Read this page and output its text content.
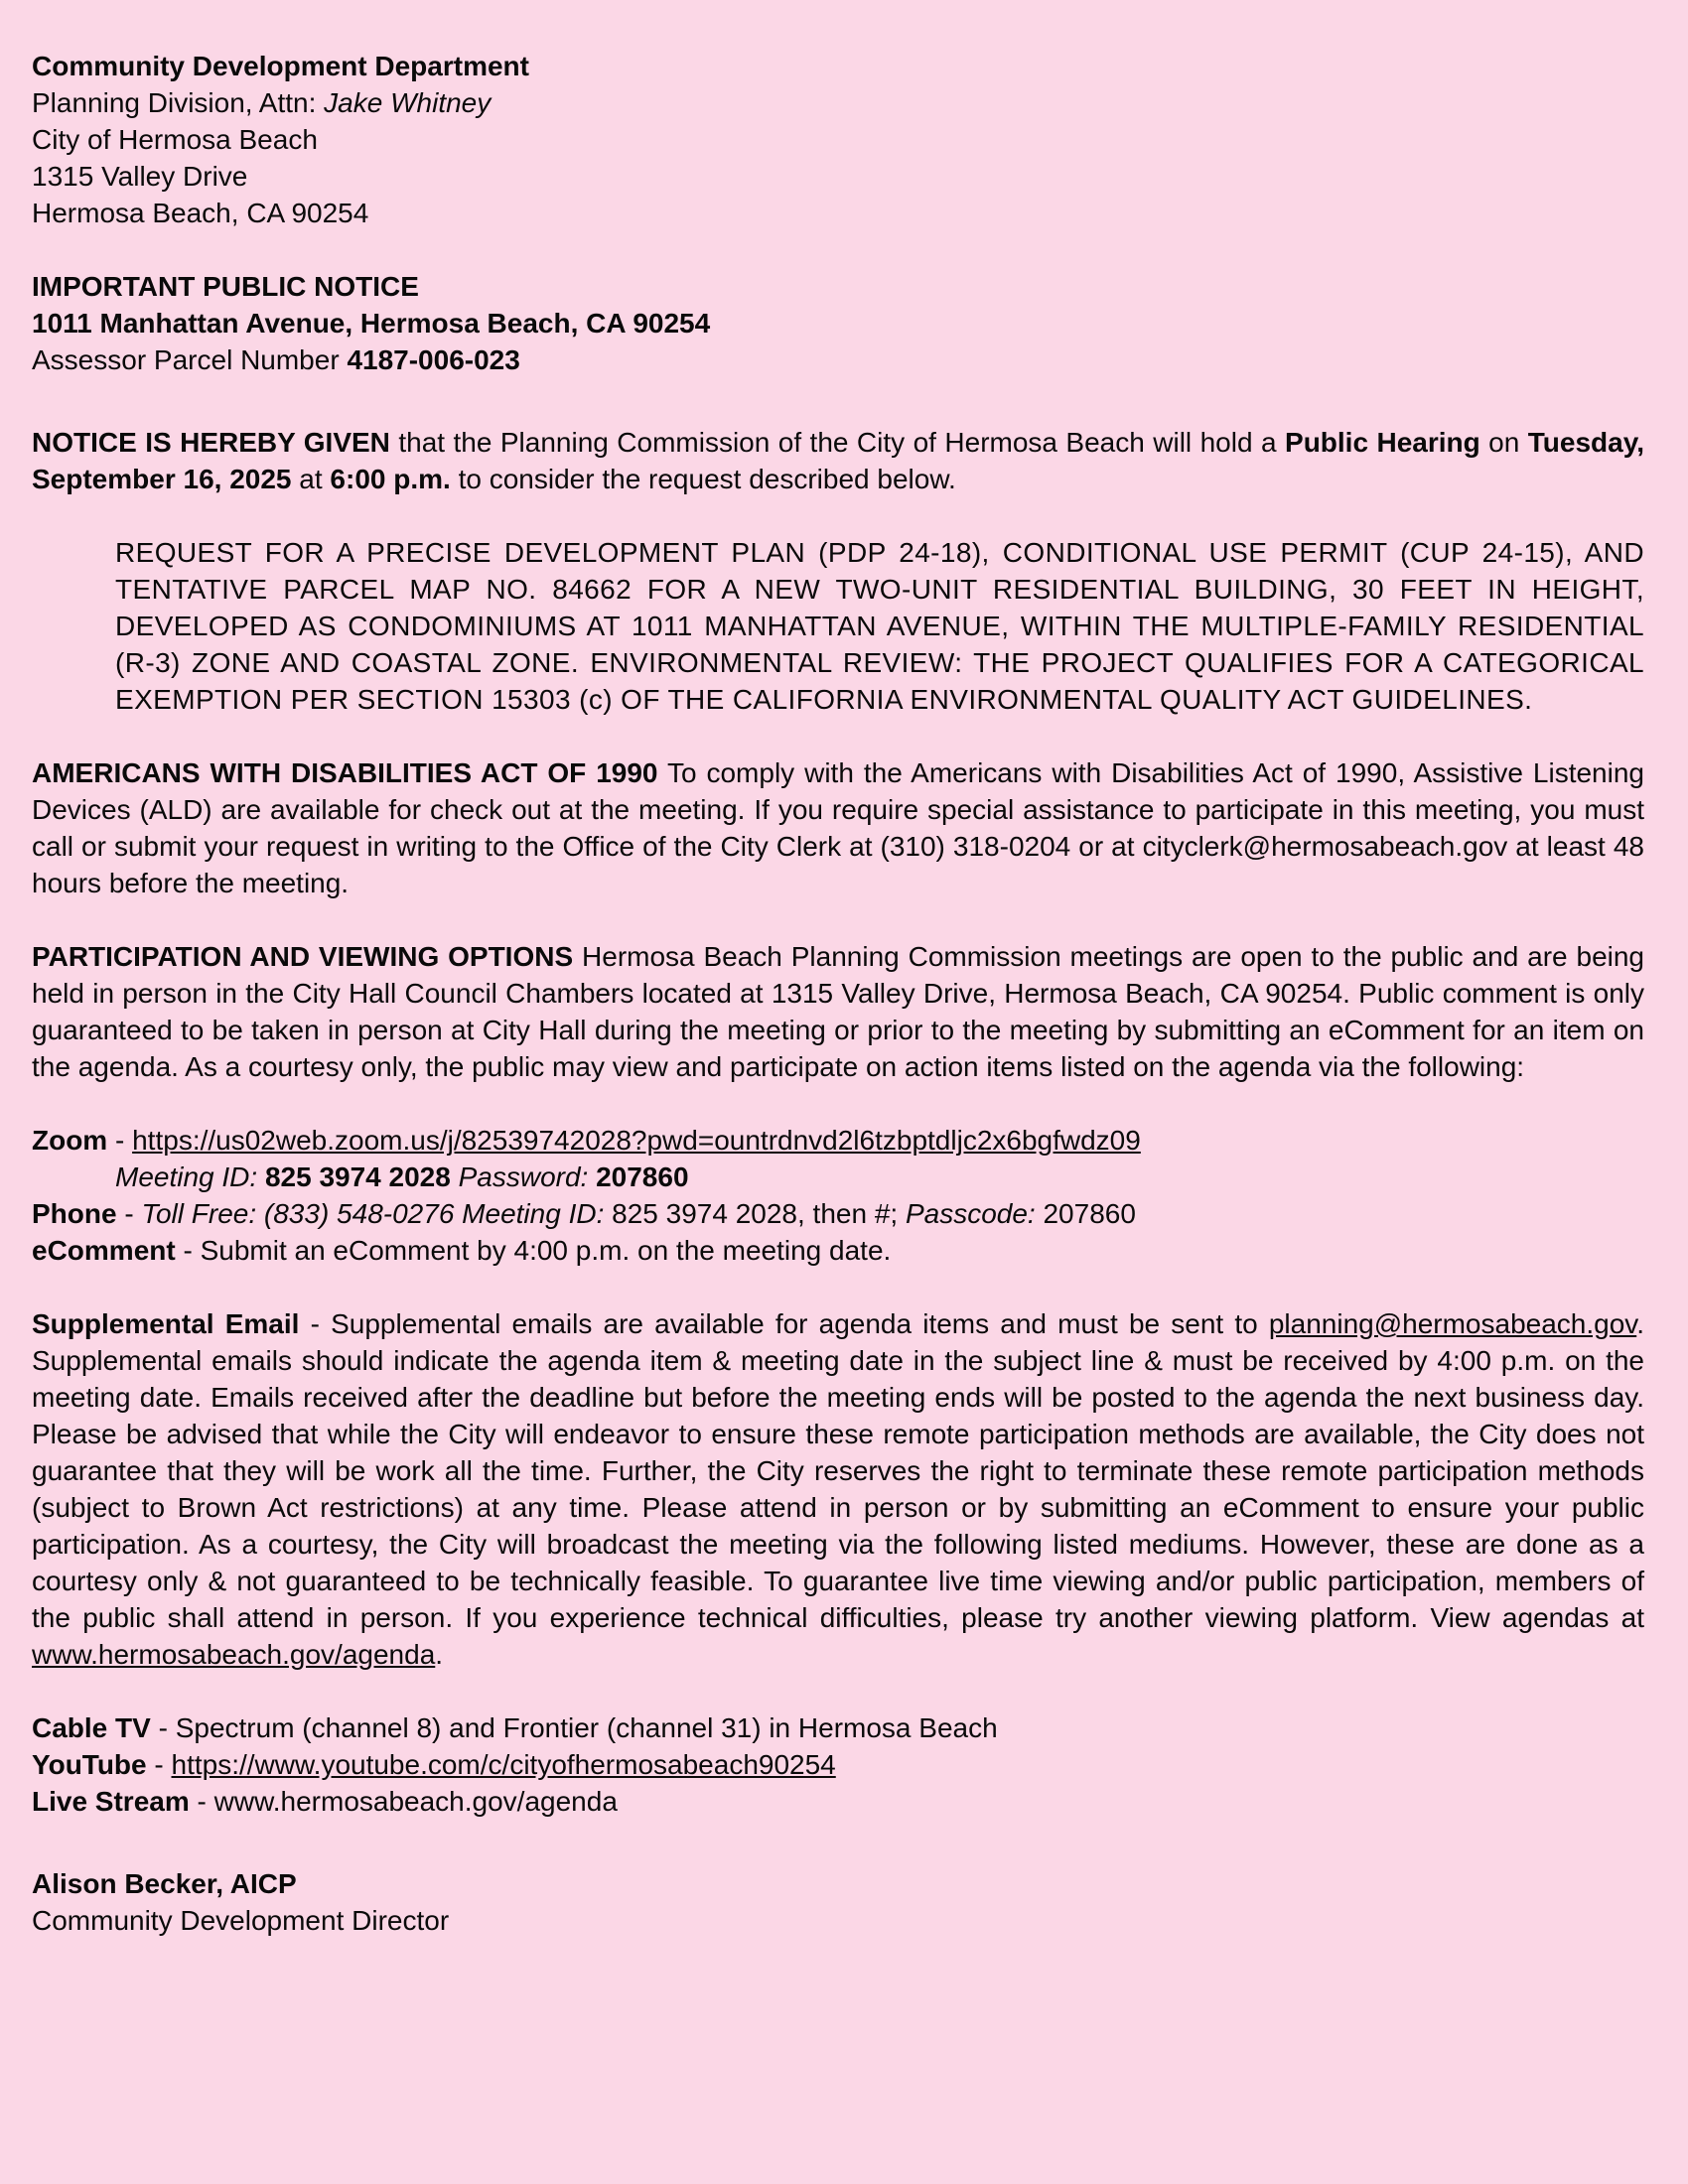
Community Development Department
Planning Division, Attn: Jake Whitney
City of Hermosa Beach
1315 Valley Drive
Hermosa Beach, CA 90254
IMPORTANT PUBLIC NOTICE
1011 Manhattan Avenue, Hermosa Beach, CA 90254
Assessor Parcel Number 4187-006-023

NOTICE IS HEREBY GIVEN that the Planning Commission of the City of Hermosa Beach will hold a Public Hearing on Tuesday, September 16, 2025 at 6:00 p.m. to consider the request described below.

REQUEST FOR A PRECISE DEVELOPMENT PLAN (PDP 24-18), CONDITIONAL USE PERMIT (CUP 24-15), AND TENTATIVE PARCEL MAP NO. 84662 FOR A NEW TWO-UNIT RESIDENTIAL BUILDING, 30 FEET IN HEIGHT, DEVELOPED AS CONDOMINIUMS AT 1011 MANHATTAN AVENUE, WITHIN THE MULTIPLE-FAMILY RESIDENTIAL (R-3) ZONE AND COASTAL ZONE. ENVIRONMENTAL REVIEW: THE PROJECT QUALIFIES FOR A CATEGORICAL EXEMPTION PER SECTION 15303 (c) OF THE CALIFORNIA ENVIRONMENTAL QUALITY ACT GUIDELINES.

AMERICANS WITH DISABILITIES ACT OF 1990 To comply with the Americans with Disabilities Act of 1990, Assistive Listening Devices (ALD) are available for check out at the meeting. If you require special assistance to participate in this meeting, you must call or submit your request in writing to the Office of the City Clerk at (310) 318-0204 or at cityclerk@hermosabeach.gov at least 48 hours before the meeting.

PARTICIPATION AND VIEWING OPTIONS Hermosa Beach Planning Commission meetings are open to the public and are being held in person in the City Hall Council Chambers located at 1315 Valley Drive, Hermosa Beach, CA 90254. Public comment is only guaranteed to be taken in person at City Hall during the meeting or prior to the meeting by submitting an eComment for an item on the agenda. As a courtesy only, the public may view and participate on action items listed on the agenda via the following:

Zoom - https://us02web.zoom.us/j/82539742028?pwd=ountrdnvd2l6tzbptdljc2x6bgfwdz09
Meeting ID: 825 3974 2028 Password: 207860
Phone - Toll Free: (833) 548-0276 Meeting ID: 825 3974 2028, then #; Passcode: 207860
eComment - Submit an eComment by 4:00 p.m. on the meeting date.

Supplemental Email - Supplemental emails are available for agenda items and must be sent to planning@hermosabeach.gov. Supplemental emails should indicate the agenda item & meeting date in the subject line & must be received by 4:00 p.m. on the meeting date. Emails received after the deadline but before the meeting ends will be posted to the agenda the next business day. Please be advised that while the City will endeavor to ensure these remote participation methods are available, the City does not guarantee that they will be work all the time. Further, the City reserves the right to terminate these remote participation methods (subject to Brown Act restrictions) at any time. Please attend in person or by submitting an eComment to ensure your public participation. As a courtesy, the City will broadcast the meeting via the following listed mediums. However, these are done as a courtesy only & not guaranteed to be technically feasible. To guarantee live time viewing and/or public participation, members of the public shall attend in person. If you experience technical difficulties, please try another viewing platform. View agendas at www.hermosabeach.gov/agenda.

Cable TV - Spectrum (channel 8) and Frontier (channel 31) in Hermosa Beach
YouTube - https://www.youtube.com/c/cityofhermosabeach90254
Live Stream - www.hermosabeach.gov/agenda
Alison Becker, AICP
Community Development Director
